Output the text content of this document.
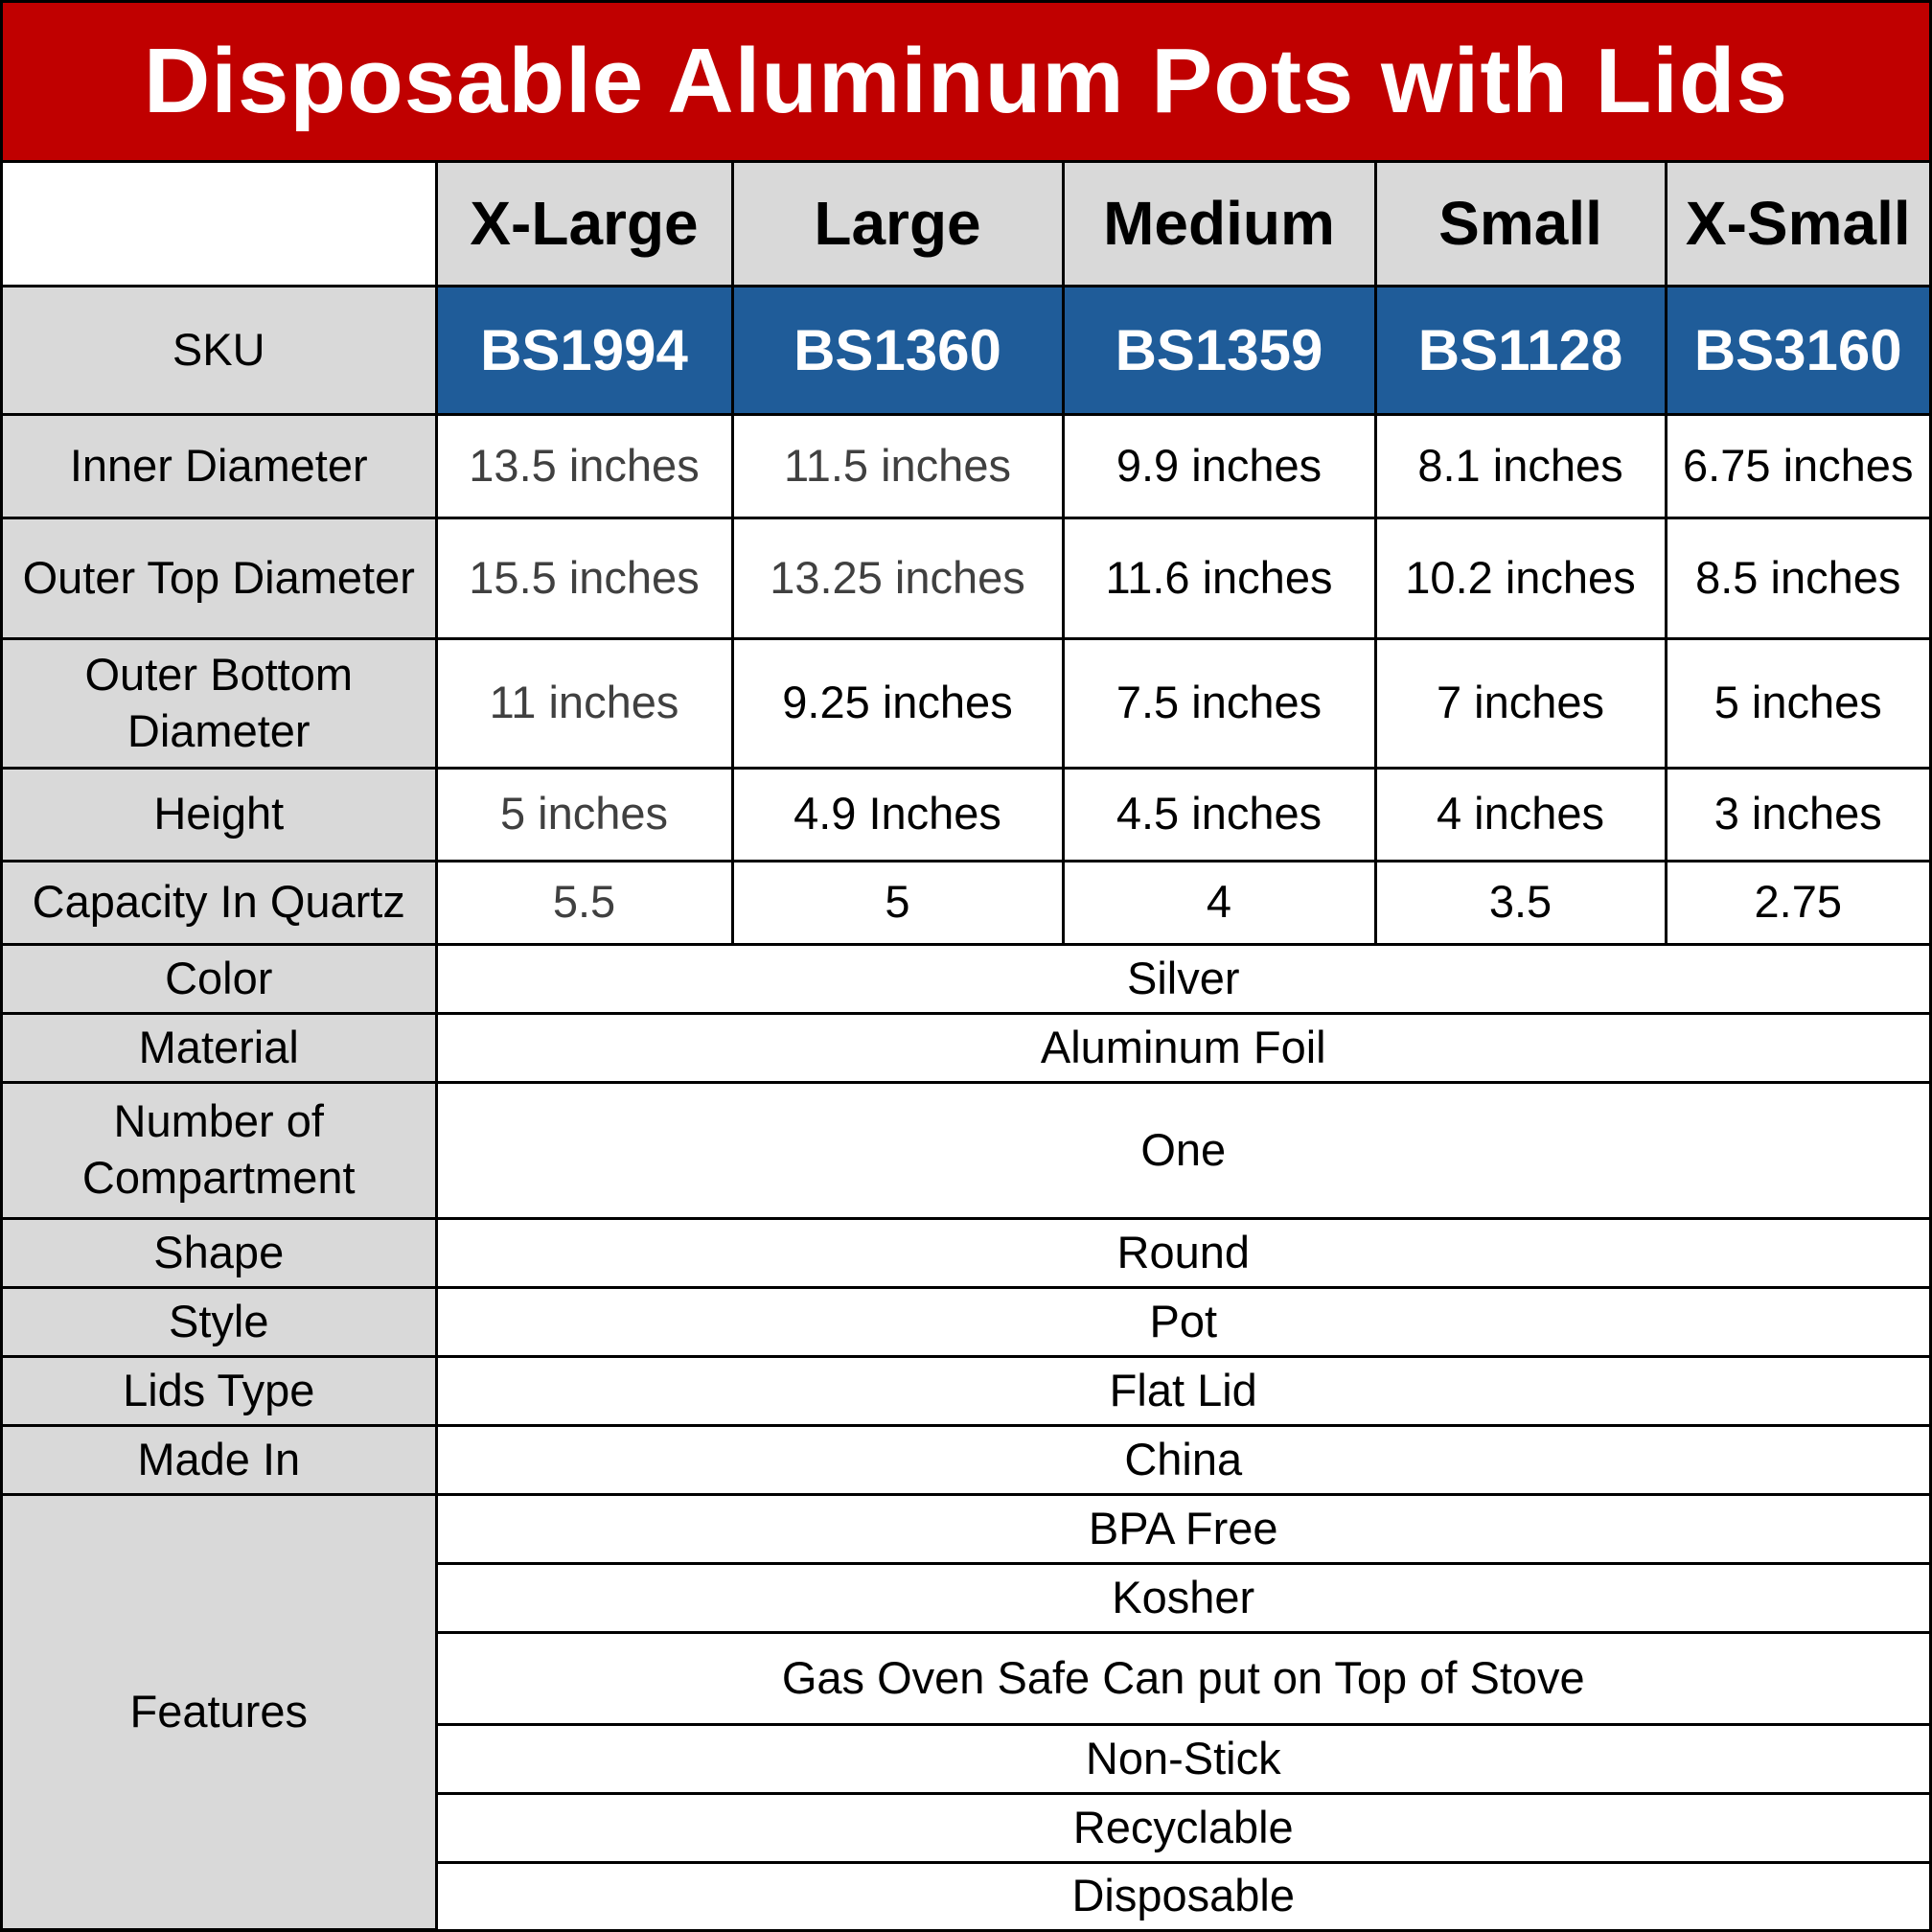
Disposable Aluminum Pots with Lids
	X-Large	Large	Medium	Small	X-Small
SKU	BS1994	BS1360	BS1359	BS1128	BS3160
Inner Diameter	13.5 inches	11.5 inches	9.9 inches	8.1 inches	6.75 inches
Outer Top Diameter	15.5 inches	13.25 inches	11.6 inches	10.2 inches	8.5 inches

Outer Bottom
Diameter	11 inches	9.25 inches	7.5 inches	7 inches	5 inches
Height	5 inches	4.9 Inches	4.5 inches	4 inches	3 inches
Capacity In Quartz	5.5	5	4	3.5	2.75
Color	Silver				
Material	Aluminum Foil				

Number of
Compartment	One				
Shape	Round				
Style	Pot				
Lids Type	Flat Lid				
Made In	China				
Features	BPA Free				
	Kosher				
	Gas Oven Safe Can put on Top of Stove				
	Non-Stick				
	Recyclable				
	Disposable				
